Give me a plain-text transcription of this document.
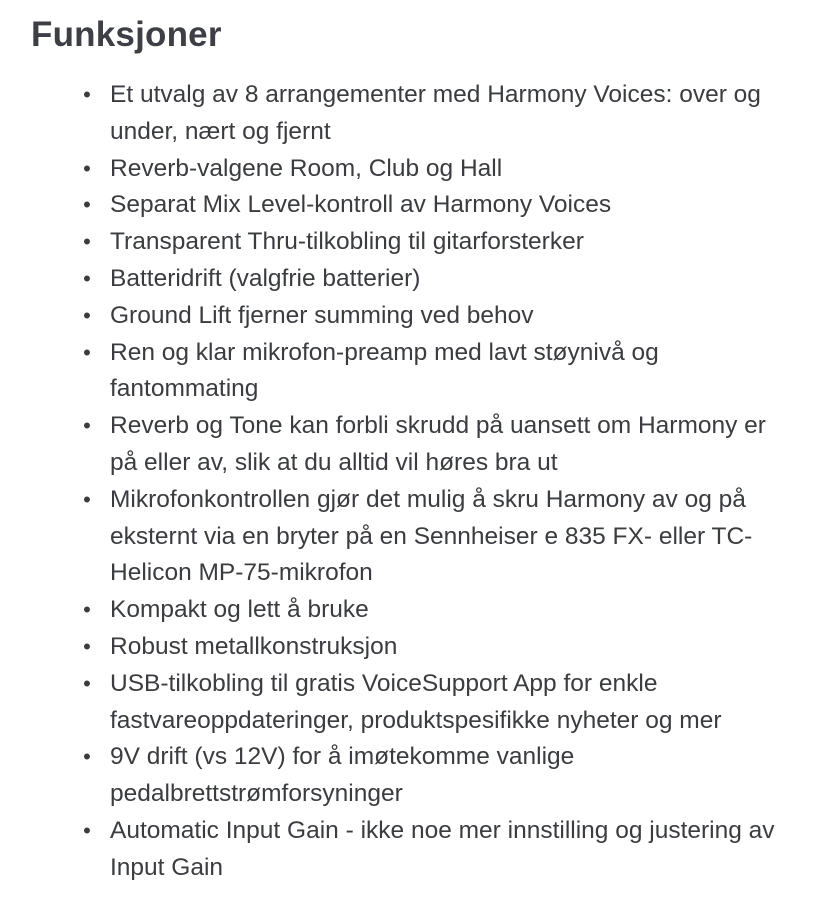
Funksjoner
• Et utvalg av 8 arrangementer med Harmony Voices: over og under, nært og fjernt
• Reverb-valgene Room, Club og Hall
• Separat Mix Level-kontroll av Harmony Voices
• Transparent Thru-tilkobling til gitarforsterker
• Batteridrift (valgfrie batterier)
• Ground Lift fjerner summing ved behov
• Ren og klar mikrofon-preamp med lavt støynivå og fantommating
• Reverb og Tone kan forbli skrudd på uansett om Harmony er på eller av, slik at du alltid vil høres bra ut
• Mikrofonkontrollen gjør det mulig å skru Harmony av og på eksternt via en bryter på en Sennheiser e 835 FX- eller TC-Helicon MP-75-mikrofon
• Kompakt og lett å bruke
• Robust metallkonstruksjon
• USB-tilkobling til gratis VoiceSupport App for enkle fastvareoppdateringer, produktspesifikke nyheter og mer
• 9V drift (vs 12V) for å imøtekomme vanlige pedalbrettstrømforsyninger
• Automatic Input Gain - ikke noe mer innstilling og justering av Input Gain
